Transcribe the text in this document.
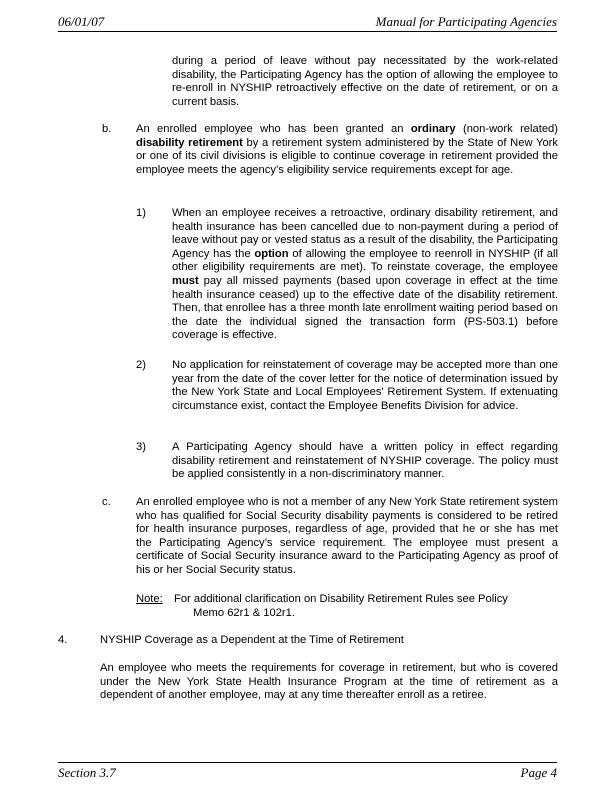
06/01/07	Manual for Participating Agencies

during a period of leave without pay necessitated by the work-related disability, the Participating Agency has the option of allowing the employee to re-enroll in NYSHIP retroactively effective on the date of retirement, or on a current basis.

b. An enrolled employee who has been granted an ordinary (non-work related) disability retirement by a retirement system administered by the State of New York or one of its civil divisions is eligible to continue coverage in retirement provided the employee meets the agency’s eligibility service requirements except for age.

1) When an employee receives a retroactive, ordinary disability retirement, and health insurance has been cancelled due to non-payment during a period of leave without pay or vested status as a result of the disability, the Participating Agency has the option of allowing the employee to reenroll in NYSHIP (if all other eligibility requirements are met). To reinstate coverage, the employee must pay all missed payments (based upon coverage in effect at the time health insurance ceased) up to the effective date of the disability retirement. Then, that enrollee has a three month late enrollment waiting period based on the date the individual signed the transaction form (PS-503.1) before coverage is effective.

2) No application for reinstatement of coverage may be accepted more than one year from the date of the cover letter for the notice of determination issued by the New York State and Local Employees' Retirement System. If extenuating circumstance exist, contact the Employee Benefits Division for advice.

3) A Participating Agency should have a written policy in effect regarding disability retirement and reinstatement of NYSHIP coverage. The policy must be applied consistently in a non-discriminatory manner.

c. An enrolled employee who is not a member of any New York State retirement system who has qualified for Social Security disability payments is considered to be retired for health insurance purposes, regardless of age, provided that he or she has met the Participating Agency’s service requirement. The employee must present a certificate of Social Security insurance award to the Participating Agency as proof of his or her Social Security status.

Note: For additional clarification on Disability Retirement Rules see Policy
Memo 62r1 & 102r1.
4.	NYSHIP Coverage as a Dependent at the Time of Retirement

An employee who meets the requirements for coverage in retirement, but who is covered under the New York State Health Insurance Program at the time of retirement as a dependent of another employee, may at any time thereafter enroll as a retiree.

Section 3.7	Page 4
